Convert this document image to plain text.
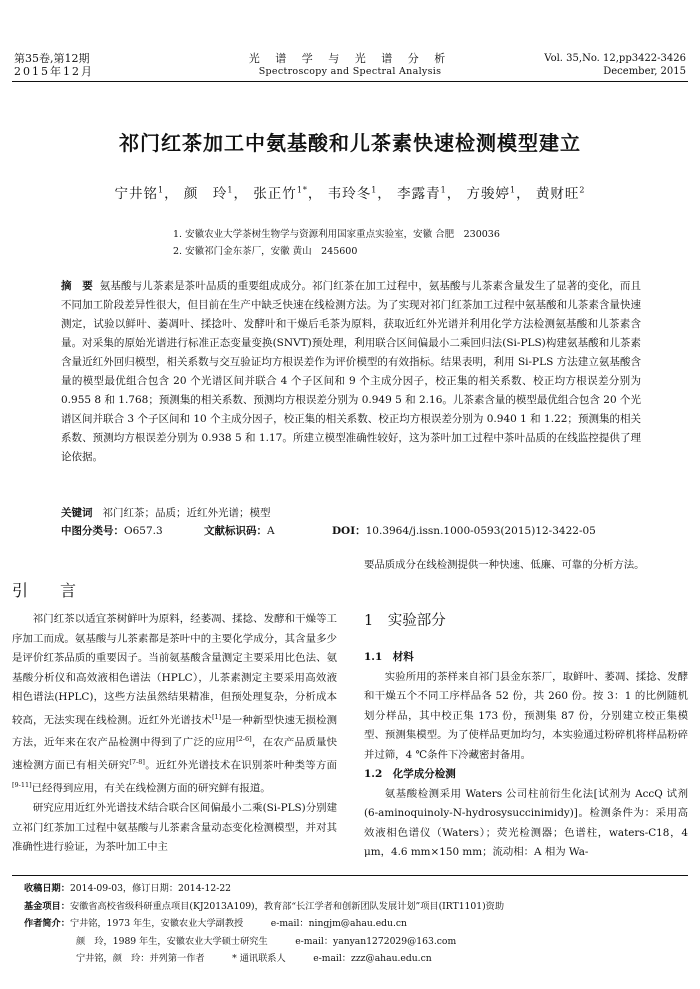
第35卷,第12期
2015年12月
光 谱 学 与 光 谱 分 析
Spectroscopy and Spectral Analysis
Vol. 35,No. 12,pp3422-3426
December, 2015
祁门红茶加工中氨基酸和儿茶素快速检测模型建立
宁井铭$^1$， 颜　玲$^1$， 张正竹$^{1*}$， 韦玲冬$^1$， 李露青$^1$， 方骏婷$^1$， 黄财旺$^2$
1. 安徽农业大学茶树生物学与资源利用国家重点实验室，安徽 合肥　230036
2. 安徽祁门金东茶厂，安徽 黄山　245600
摘　要 氨基酸与儿茶素是茶叶品质的重要组成成分。祁门红茶在加工过程中，氨基酸与儿茶素含量发生了显著的变化，而且不同加工阶段差异性很大，但目前在生产中缺乏快速在线检测方法。为了实现对祁门红茶加工过程中氨基酸和儿茶素含量快速测定，试验以鲜叶、萎凋叶、揉捻叶、发酵叶和干燥后毛茶为原料，获取近红外光谱并利用化学方法检测氨基酸和儿茶素含量。对采集的原始光谱进行标准正态变量变换(SNVT)预处理，利用联合区间偏最小二乘回归法(Si-PLS)构建氨基酸和儿茶素含量近红外回归模型，相关系数与交互验证均方根误差作为评价模型的有效指标。结果表明，利用 Si-PLS 方法建立氨基酸含量的模型最优组合包含 20 个光谱区间并联合 4 个子区间和 9 个主成分因子，校正集的相关系数、校正均方根误差分别为 0.955 8 和 1.768；预测集的相关系数、预测均方根误差分别为 0.949 5 和 2.16。儿茶素含量的模型最优组合包含 20 个光谱区间并联合 3 个子区间和 10 个主成分因子，校正集的相关系数、校正均方根误差分别为 0.940 1 和 1.22；预测集的相关系数、预测均方根误差分别为 0.938 5 和 1.17。所建立模型准确性较好，这为茶叶加工过程中茶叶品质的在线监控提供了理论依据。
关键词 祁门红茶；品质；近红外光谱；模型
中图分类号：O657.3	文献标识码：A	DOI：10.3964/j.issn.1000-0593(2015)12-3422-05
引　言

祁门红茶以适宜茶树鲜叶为原料，经萎凋、揉捻、发酵和干燥等工序加工而成。氨基酸与儿茶素都是茶叶中的主要化学成分，其含量多少是评价红茶品质的重要因子。当前氨基酸含量测定主要采用比色法、氨基酸分析仪和高效液相色谱法（HPLC），儿茶素测定主要采用高效液相色谱法(HPLC)，这些方法虽然结果精准，但预处理复杂，分析成本较高，无法实现在线检测。近红外光谱技术[1]是一种新型快速无损检测方法，近年来在农产品检测中得到了广泛的应用[2-6]，在农产品质量快速检测方面已有相关研究[7-8]。近红外光谱技术在识别茶叶种类等方面[9-11]已经得到应用，有关在线检测方面的研究鲜有报道。

研究应用近红外光谱技术结合联合区间偏最小二乘(Si-PLS)分别建立祁门红茶加工过程中氨基酸与儿茶素含量动态变化检测模型，并对其准确性进行验证，为茶叶加工中主

要品质成分在线检测提供一种快速、低廉、可靠的分析方法。

1　实验部分
1.1　材料

实验所用的茶样来自祁门县金东茶厂，取鲜叶、萎凋、揉捻、发酵和干燥五个不同工序样品各 52 份，共 260 份。按 3：1 的比例随机划分样品，其中校正集 173 份，预测集 87 份，分别建立校正集模型、预测集模型。为了使样品更加均匀，本实验通过粉碎机将样品粉碎并过筛，4 ℃条件下冷藏密封备用。

1.2　化学成分检测

氨基酸检测采用 Waters 公司柱前衍生化法[试剂为 AccQ 试剂(6-aminoquinoly-N-hydrosysuccinimidy)]。检测条件为：采用高效液相色谱仪（Waters）；荧光检测器；色谱柱，waters-C18，4 μm，4.6 mm×150 mm；流动相：A 相为 Wa-

收稿日期：2014-09-03，修订日期：2014-12-22
基金项目：安徽省高校省级科研重点项目(KJ2013A109)，教育部“长江学者和创新团队发展计划”项目(IRT1101)资助
作者简介：宁井铭，1973 年生，安徽农业大学副教授　　　e-mail：ningjm@ahau.edu.cn
颜　玲，1989 年生，安徽农业大学硕士研究生　　　e-mail：yanyan1272029@163.com
宁井铭，颜　玲：并列第一作者　　　* 通讯联系人　　　e-mail：zzz@ahau.edu.cn
